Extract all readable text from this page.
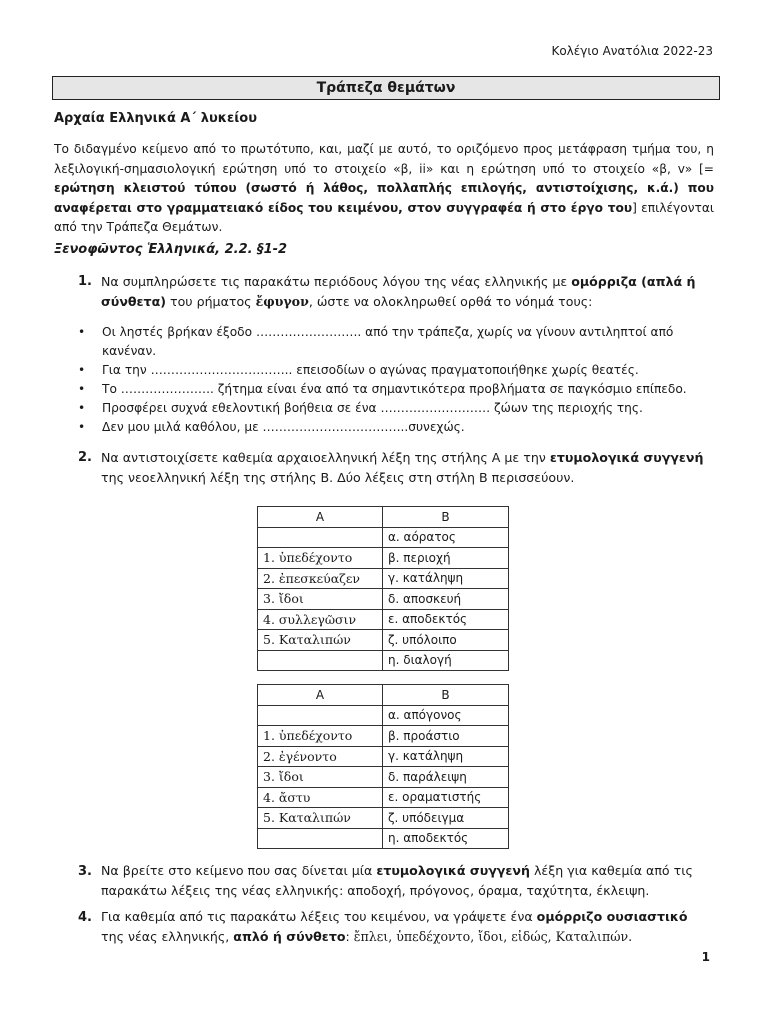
Κολέγιο Ανατόλια 2022-23
Τράπεζα θεμάτων
Αρχαία Ελληνικά Α΄ λυκείου
Το διδαγμένο κείμενο από το πρωτότυπο, και, μαζί με αυτό, το οριζόμενο προς μετάφραση τμήμα του, η λεξιλογική-σημασιολογική ερώτηση υπό το στοιχείο «β, ii» και η ερώτηση υπό το στοιχείο «β, v» [= ερώτηση κλειστού τύπου (σωστό ή λάθος, πολλαπλής επιλογής, αντιστοίχισης, κ.ά.) που αναφέρεται στο γραμματειακό είδος του κειμένου, στον συγγραφέα ή στο έργο του] επιλέγονται από την Τράπεζα Θεμάτων.
Ξενοφῶντος Ἑλληνικά, 2.2. §1-2
1. Να συμπληρώσετε τις παρακάτω περιόδους λόγου της νέας ελληνικής με ομόρριζα (απλά ή σύνθετα) του ρήματος ἔφυγον, ώστε να ολοκληρωθεί ορθά το νόημά τους:
• Οι ληστές βρήκαν έξοδο …………………….. από την τράπεζα, χωρίς να γίνουν αντιληπτοί από κανέναν.
• Για την …………………………….. επεισοδίων ο αγώνας πραγματοποιήθηκε χωρίς θεατές.
• Το ………………….. ζήτημα είναι ένα από τα σημαντικότερα προβλήματα σε παγκόσμιο επίπεδο.
• Προσφέρει συχνά εθελοντική βοήθεια σε ένα ……………………… ζώων της περιοχής της.
• Δεν μου μιλά καθόλου, με ……………………………...συνεχώς.
2. Να αντιστοιχίσετε καθεμία αρχαιοελληνική λέξη της στήλης Α με την ετυμολογικά συγγενή της νεοελληνική λέξη της στήλης Β. Δύο λέξεις στη στήλη Β περισσεύουν.
Α	Β
	α. αόρατος
1. ὑπεδέχοντο	β. περιοχή
2. ἐπεσκεύαζεν	γ. κατάληψη
3. ἴδοι	δ. αποσκευή
4. συλλεγῶσιν	ε. αποδεκτός
5. Καταλιπών	ζ. υπόλοιπο
	η. διαλογή
Α	Β
	α. απόγονος
1. ὑπεδέχοντο	β. προάστιο
2. ἐγένοντο	γ. κατάληψη
3. ἴδοι	δ. παράλειψη
4. ἄστυ	ε. οραματιστής
5. Καταλιπών	ζ. υπόδειγμα
	η. αποδεκτός
3. Να βρείτε στο κείμενο που σας δίνεται μία ετυμολογικά συγγενή λέξη για καθεμία από τις παρακάτω λέξεις της νέας ελληνικής: αποδοχή, πρόγονος, όραμα, ταχύτητα, έκλειψη.
4. Για καθεμία από τις παρακάτω λέξεις του κειμένου, να γράψετε ένα ομόρριζο ουσιαστικό της νέας ελληνικής, απλό ή σύνθετο: ἔπλει, ὑπεδέχοντο, ἴδοι, εἰδώς, Καταλιπών.
1
